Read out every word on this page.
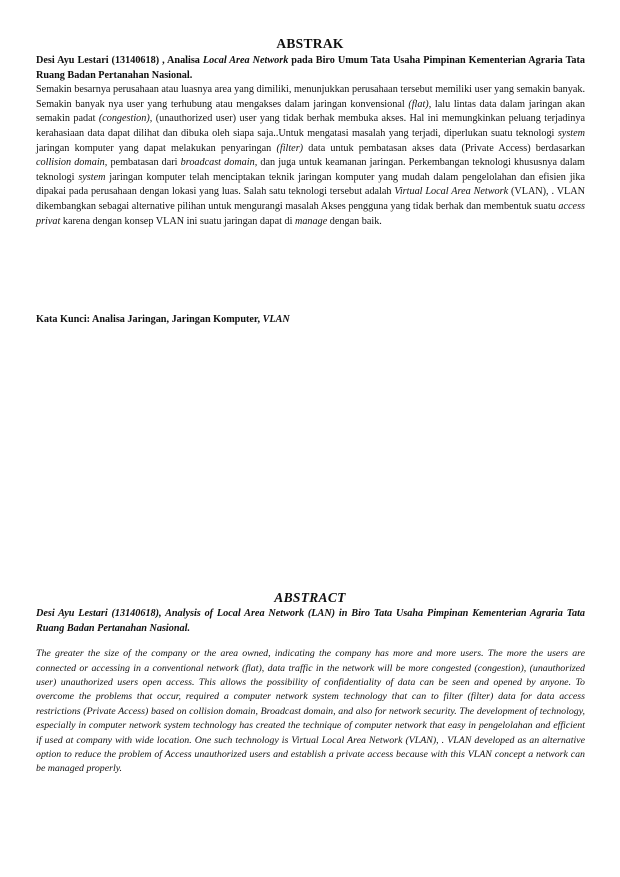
ABSTRAK

Desi Ayu Lestari (13140618) , Analisa Local Area Network pada Biro Umum Tata Usaha Pimpinan Kementerian Agraria Tata Ruang Badan Pertanahan Nasional.

Semakin besarnya perusahaan atau luasnya area yang dimiliki, menunjukkan perusahaan tersebut memiliki user yang semakin banyak. Semakin banyak nya user yang terhubung atau mengakses dalam jaringan konvensional (flat), lalu lintas data dalam jaringan akan semakin padat (congestion), (unauthorized user) user yang tidak berhak membuka akses. Hal ini memungkinkan peluang terjadinya kerahasiaan data dapat dilihat dan dibuka oleh siapa saja..Untuk mengatasi masalah yang terjadi, diperlukan suatu teknologi system jaringan komputer yang dapat melakukan penyaringan (filter) data untuk pembatasan akses data (Private Access) berdasarkan collision domain, pembatasan dari broadcast domain, dan juga untuk keamanan jaringan. Perkembangan teknologi khususnya dalam teknologi system jaringan komputer telah menciptakan teknik jaringan komputer yang mudah dalam pengelolahan dan efisien jika dipakai pada perusahaan dengan lokasi yang luas. Salah satu teknologi tersebut adalah Virtual Local Area Network (VLAN), . VLAN dikembangkan sebagai alternative pilihan untuk mengurangi masalah Akses pengguna yang tidak berhak dan membentuk suatu access privat karena dengan konsep VLAN ini suatu jaringan dapat di manage dengan baik.

Kata Kunci: Analisa Jaringan, Jaringan Komputer, VLAN
ABSTRACT

Desi Ayu Lestari (13140618), Analysis of Local Area Network (LAN) in Biro Tata Usaha Pimpinan Kementerian Agraria Tata Ruang Badan Pertanahan Nasional.

The greater the size of the company or the area owned, indicating the company has more and more users. The more the users are connected or accessing in a conventional network (flat), data traffic in the network will be more congested (congestion), (unauthorized user) unauthorized users open access. This allows the possibility of confidentiality of data can be seen and opened by anyone. To overcome the problems that occur, required a computer network system technology that can to filter (filter) data for data access restrictions (Private Access) based on collision domain, Broadcast domain, and also for network security. The development of technology, especially in computer network system technology has created the technique of computer network that easy in pengelolahan and efficient if used at company with wide location. One such technology is Virtual Local Area Network (VLAN), . VLAN developed as an alternative option to reduce the problem of Access unauthorized users and establish a private access because with this VLAN concept a network can be managed properly.
